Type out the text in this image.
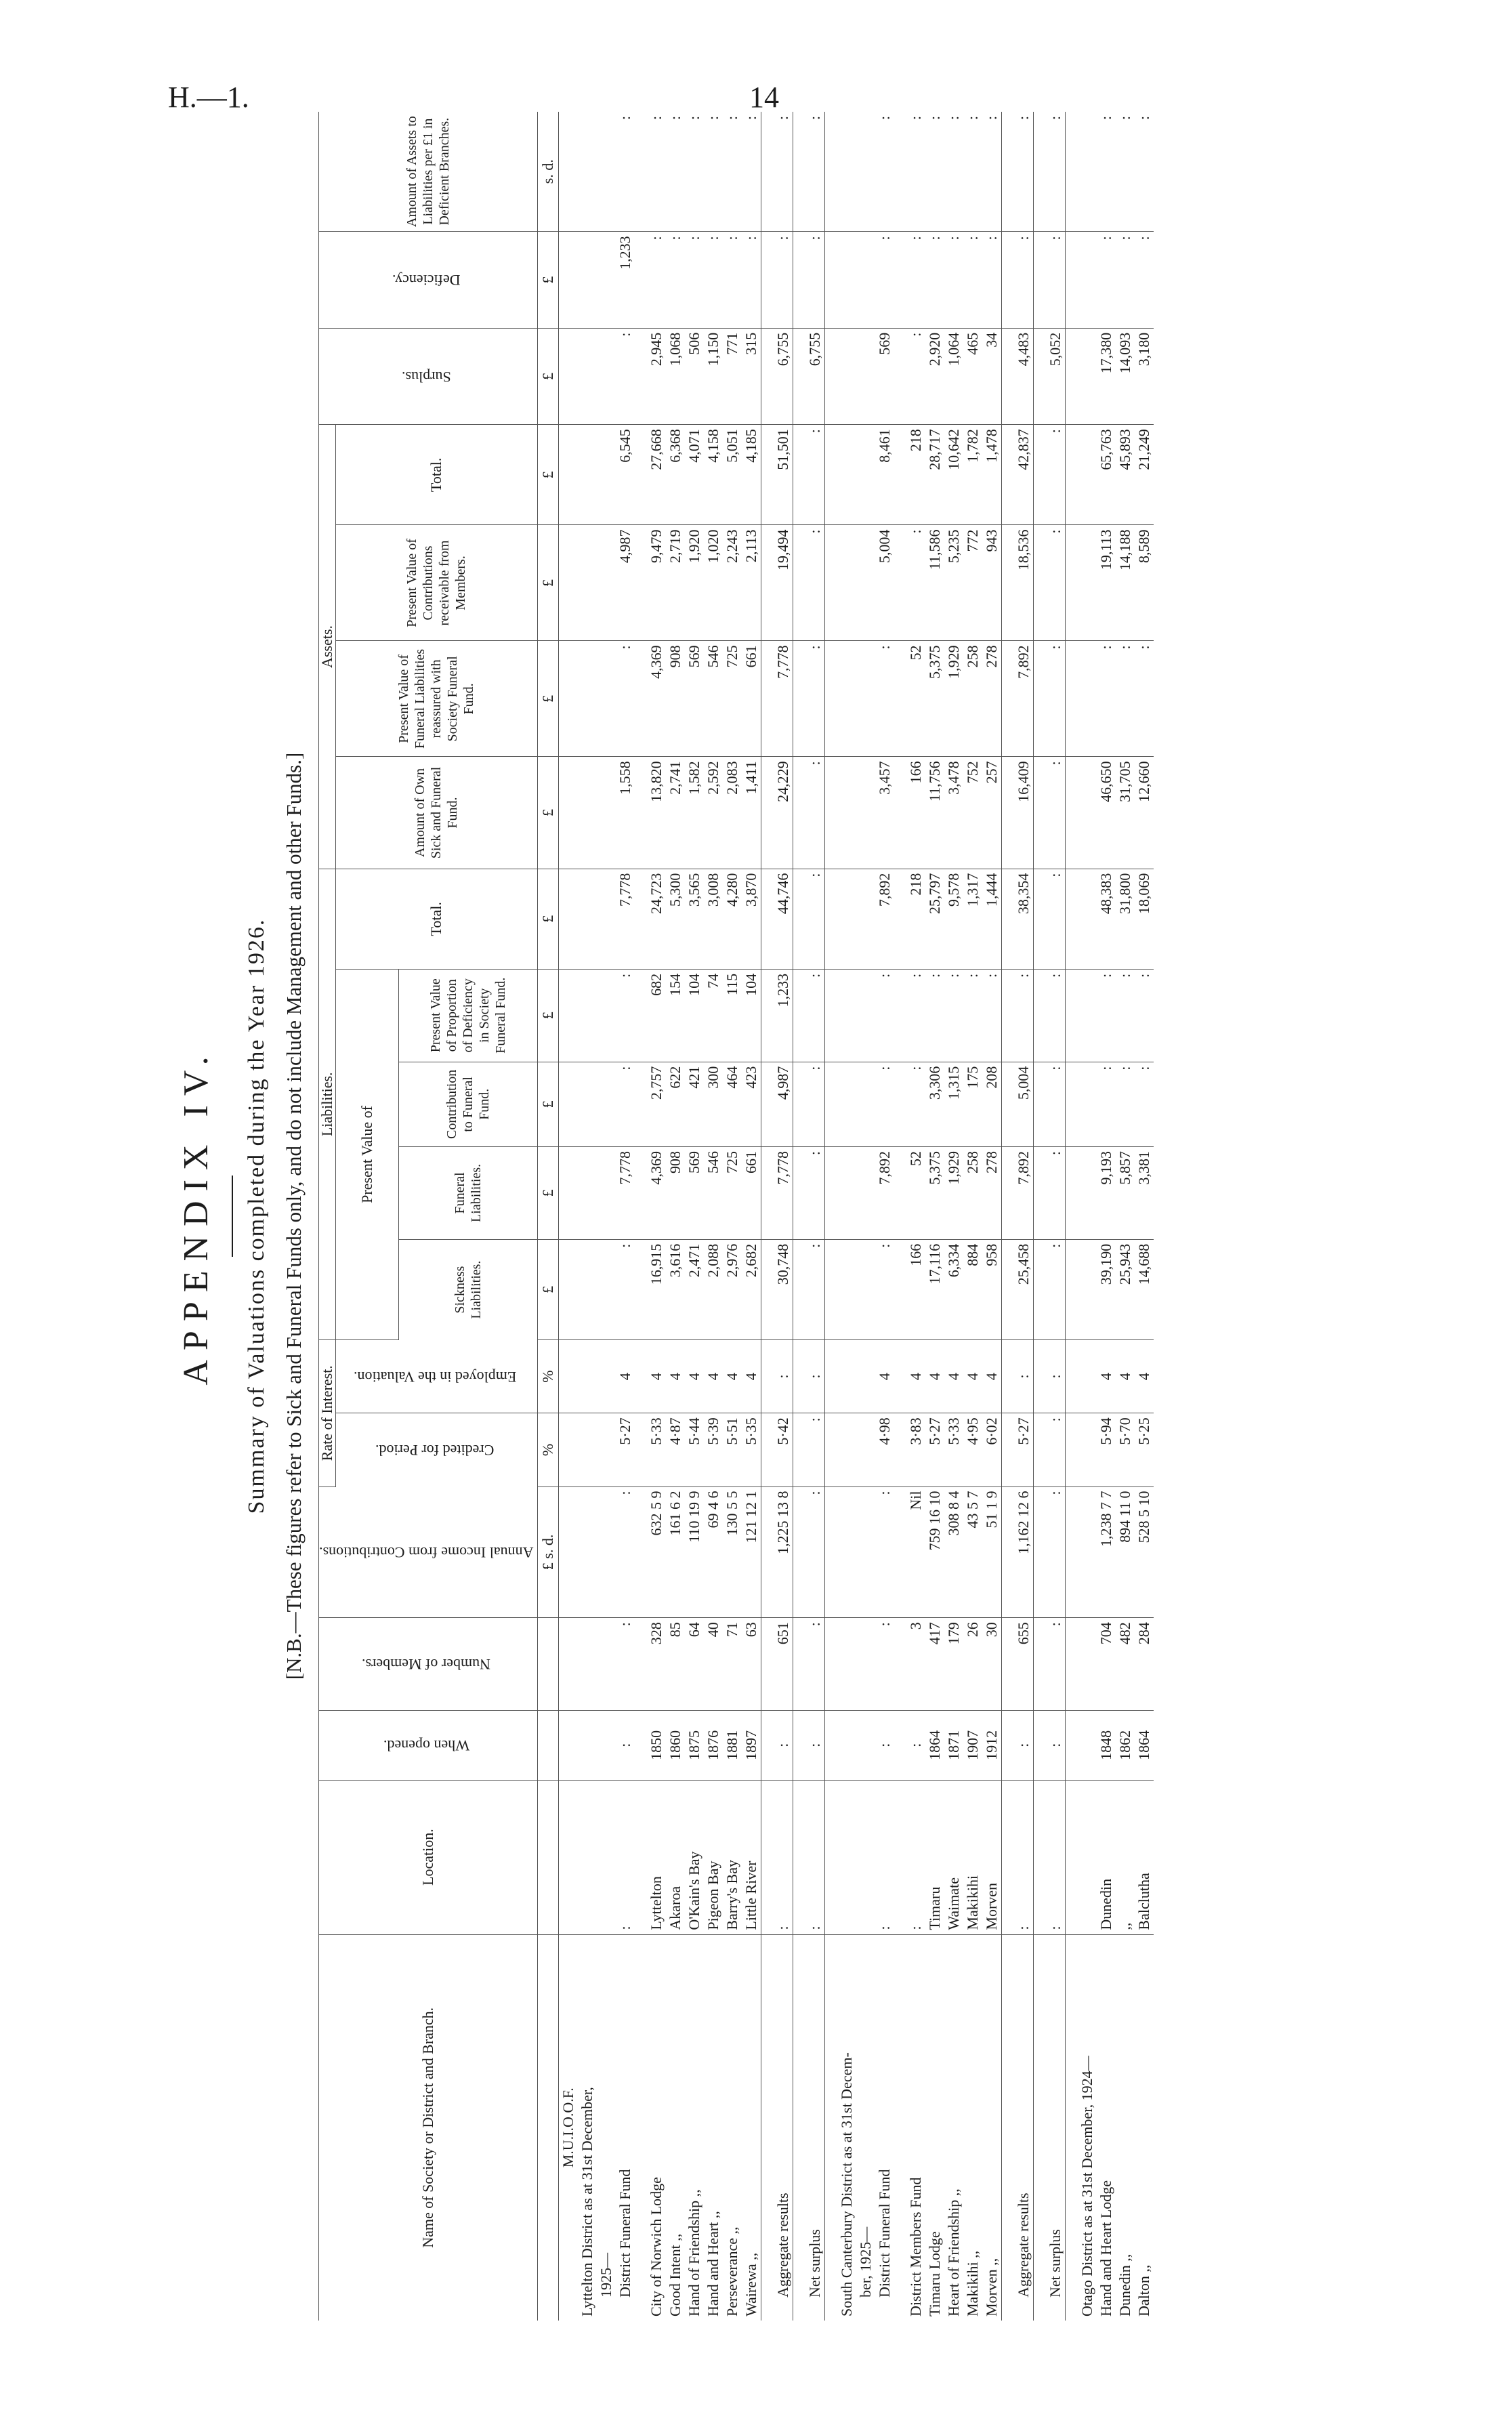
H.—1.	14
APPENDIX IV. Summary of Valuations completed during the Year 1926. [N.B.—These figures refer to Sick and Funeral Funds only, and do not include Management and other Funds.]
Name of Society or District and Branch.	Location.	When opened.	Number of Members.	Annual Income from Contributions.	Rate of Interest.		Liabilities.					Assets.				Surplus.	Deficiency.	Amount of Assets to Liabilities per £1 in Deficient Branches.
					Credited for Period.	Employed in the Valuation.	Present Value of				Total.	Amount of Own Sick and Funeral Fund.	Present Value of Funeral Liabilities reassured with Society Funeral Fund.	Present Value of Contributions receivable from Members.	Total.			
							Sickness Liabilities.	Funeral Liabilities.	Contribution to Funeral Fund.	Present Value of Proportion of Deficiency in Society Funeral Fund.								
				£ s. d.	%	%	£	£	£	£	£	£	£	£	£	£	£	s. d.
M.U.I.O.O.F.																		
Lyttelton District as at 31st December,																		
1925—																		
District Funeral Fund	:	:	:	:	5·27	4	:	7,778	:	:	7,778	1,558	:	4,987	6,545	:	1,233	:
City of Norwich Lodge	Lyttelton	1850	328	632 5 9	5·33	4	16,915	4,369	2,757	682	24,723	13,820	4,369	9,479	27,668	2,945	:	:
Good Intent ,,	Akaroa	1860	85	161 6 2	4·87	4	3,616	908	622	154	5,300	2,741	908	2,719	6,368	1,068	:	:
Hand of Friendship ,,	O'Kain's Bay	1875	64	110 19 9	5·44	4	2,471	569	421	104	3,565	1,582	569	1,920	4,071	506	:	:
Hand and Heart ,,	Pigeon Bay	1876	40	69 4 6	5·39	4	2,088	546	300	74	3,008	2,592	546	1,020	4,158	1,150	:	:
Perseverance ,,	Barry's Bay	1881	71	130 5 5	5·51	4	2,976	725	464	115	4,280	2,083	725	2,243	5,051	771	:	:
Wairewa ,,	Little River	1897	63	121 12 1	5·35	4	2,682	661	423	104	3,870	1,411	661	2,113	4,185	315	:	:
Aggregate results	:	:	651	1,225 13 8	5·42	:	30,748	7,778	4,987	1,233	44,746	24,229	7,778	19,494	51,501	6,755	:	:
Net surplus	:	:	:	:	:	:	:	:	:	:	:	:	:	:	:	6,755	:	:
South Canterbury District as at 31st Decem-																		
ber, 1925—																		
District Funeral Fund	:	:	:	:	4·98	4	:	7,892	:	:	7,892	3,457	:	5,004	8,461	569	:	:
District Members Fund	:	:	3	Nil	3·83	4	166	52	:	:	218	166	52	:	218	:	:	:
Timaru Lodge	Timaru	1864	417	759 16 10	5·27	4	17,116	5,375	3,306	:	25,797	11,756	5,375	11,586	28,717	2,920	:	:
Heart of Friendship ,,	Waimate	1871	179	308 8 4	5·33	4	6,334	1,929	1,315	:	9,578	3,478	1,929	5,235	10,642	1,064	:	:
Makikihi ,,	Makikihi	1907	26	43 5 7	4·95	4	884	258	175	:	1,317	752	258	772	1,782	465	:	:
Morven ,,	Morven	1912	30	51 1 9	6·02	4	958	278	208	:	1,444	257	278	943	1,478	34	:	:
Aggregate results	:	:	655	1,162 12 6	5·27	:	25,458	7,892	5,004	:	38,354	16,409	7,892	18,536	42,837	4,483	:	:
Net surplus	:	:	:	:	:	:	:	:	:	:	:	:	:	:	:	5,052	:	:
Otago District as at 31st December, 1924—																		
Hand and Heart Lodge	Dunedin	1848	704	1,238 7 7	5·94	4	39,190	9,193	:	:	48,383	46,650	:	19,113	65,763	17,380	:	:
Dunedin ,,	,,	1862	482	894 11 0	5·70	4	25,943	5,857	:	:	31,800	31,705	:	14,188	45,893	14,093	:	:
Dalton ,,	Balclutha	1864	284	528 5 10	5·25	4	14,688	3,381	:	:	18,069	12,660	:	8,589	21,249	3,180	:	:
